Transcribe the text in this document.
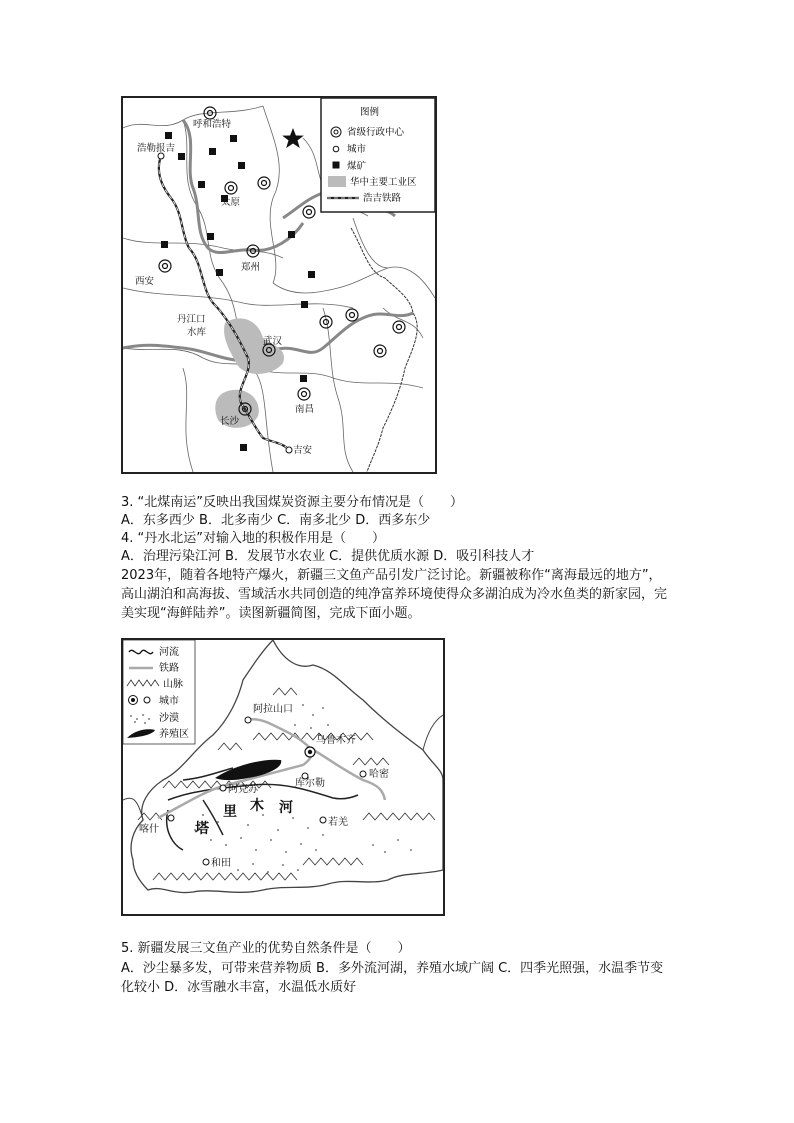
呼和浩特
浩勒报吉
太原
西安
郑州
丹江口
水库
武汉
长沙
南昌
吉安
图例
省级行政中心
城市
煤矿
华中主要工业区
浩吉铁路
3. “北煤南运”反映出我国煤炭资源主要分布情况是（　　）
A．东多西少 B．北多南少 C．南多北少 D．西多东少
4. “丹水北运”对输入地的积极作用是（　　）
A．治理污染江河 B．发展节水农业 C．提供优质水源 D．吸引科技人才
2023年，随着各地特产爆火，新疆三文鱼产品引发广泛讨论。新疆被称作“离海最远的地方”，高山湖泊和高海拔、雪域活水共同创造的纯净富养环境使得众多湖泊成为冷水鱼类的新家园，完美实现“海鲜陆养”。读图新疆简图，完成下面小题。
阿拉山口
乌鲁木齐
哈密
阿克苏
库尔勒
喀什
若羌
和田
塔
里 木 河
河流
铁路
山脉
城市
沙漠
养殖区
5. 新疆发展三文鱼产业的优势自然条件是（　　）
A．沙尘暴多发，可带来营养物质 B．多外流河湖，养殖水域广阔 C．四季光照强，水温季节变化较小 D．冰雪融水丰富，水温低水质好
